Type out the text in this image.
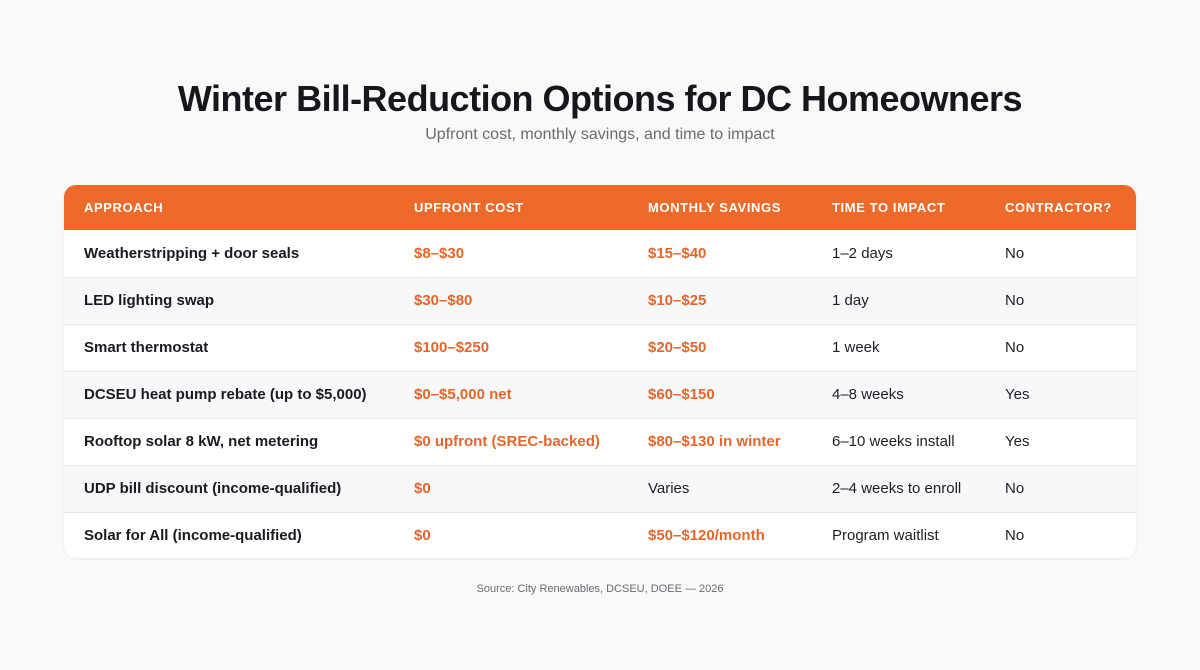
Winter Bill-Reduction Options for DC Homeowners
Upfront cost, monthly savings, and time to impact
APPROACH	UPFRONT COST	MONTHLY SAVINGS	TIME TO IMPACT	CONTRACTOR?
Weatherstripping + door seals	$8–$30	$15–$40	1–2 days	No
LED lighting swap	$30–$80	$10–$25	1 day	No
Smart thermostat	$100–$250	$20–$50	1 week	No
DCSEU heat pump rebate (up to $5,000)	$0–$5,000 net	$60–$150	4–8 weeks	Yes
Rooftop solar 8 kW, net metering	$0 upfront (SREC-backed)	$80–$130 in winter	6–10 weeks install	Yes
UDP bill discount (income-qualified)	$0	Varies	2–4 weeks to enroll	No
Solar for All (income-qualified)	$0	$50–$120/month	Program waitlist	No
Source: City Renewables, DCSEU, DOEE — 2026
